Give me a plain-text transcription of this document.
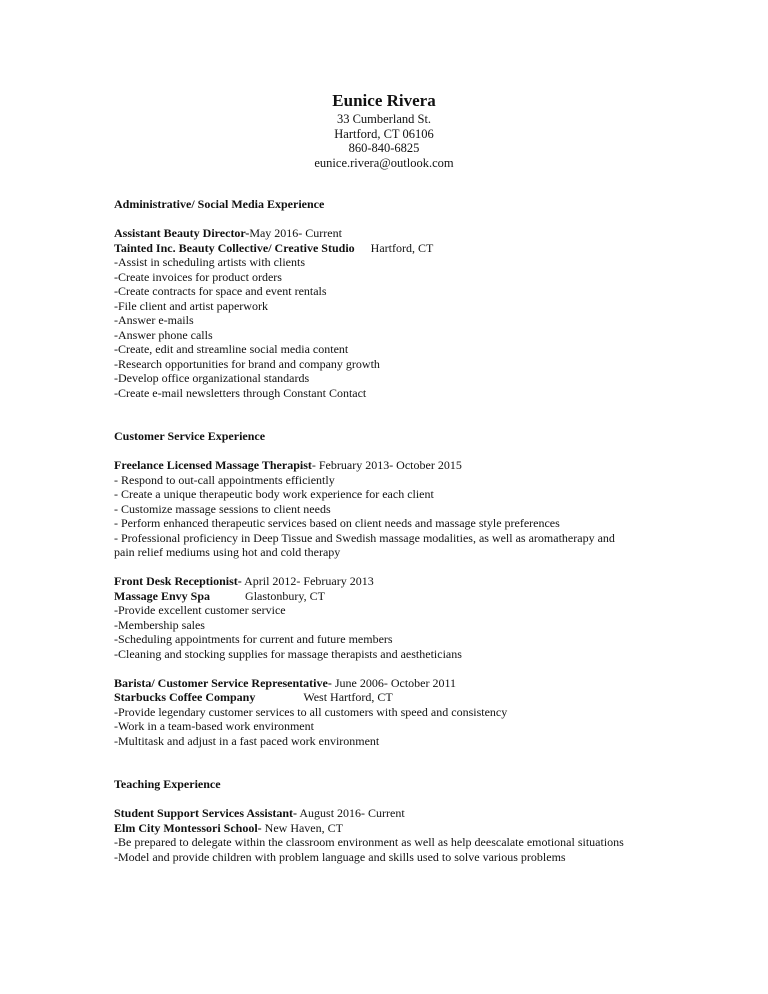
Eunice Rivera
33 Cumberland St.
Hartford, CT 06106
860-840-6825
eunice.rivera@outlook.com
Administrative/ Social Media Experience
Assistant Beauty Director-May 2016- Current
Tainted Inc. Beauty Collective/ Creative Studio Hartford, CT
-Assist in scheduling artists with clients
-Create invoices for product orders
-Create contracts for space and event rentals
-File client and artist paperwork
-Answer e-mails
-Answer phone calls
-Create, edit and streamline social media content
-Research opportunities for brand and company growth
-Develop office organizational standards
-Create e-mail newsletters through Constant Contact
Customer Service Experience
Freelance Licensed Massage Therapist- February 2013- October 2015
- Respond to out-call appointments efficiently
- Create a unique therapeutic body work experience for each client
- Customize massage sessions to client needs
- Perform enhanced therapeutic services based on client needs and massage style preferences
- Professional proficiency in Deep Tissue and Swedish massage modalities, as well as aromatherapy and
pain relief mediums using hot and cold therapy
Front Desk Receptionist- April 2012- February 2013
Massage Envy Spa	Glastonbury, CT
-Provide excellent customer service
-Membership sales
-Scheduling appointments for current and future members
-Cleaning and stocking supplies for massage therapists and aestheticians
Barista/ Customer Service Representative- June 2006- October 2011
Starbucks Coffee Company	West Hartford, CT
-Provide legendary customer services to all customers with speed and consistency
-Work in a team-based work environment
-Multitask and adjust in a fast paced work environment
Teaching Experience
Student Support Services Assistant- August 2016- Current
Elm City Montessori School- New Haven, CT
-Be prepared to delegate within the classroom environment as well as help deescalate emotional situations
-Model and provide children with problem language and skills used to solve various problems
